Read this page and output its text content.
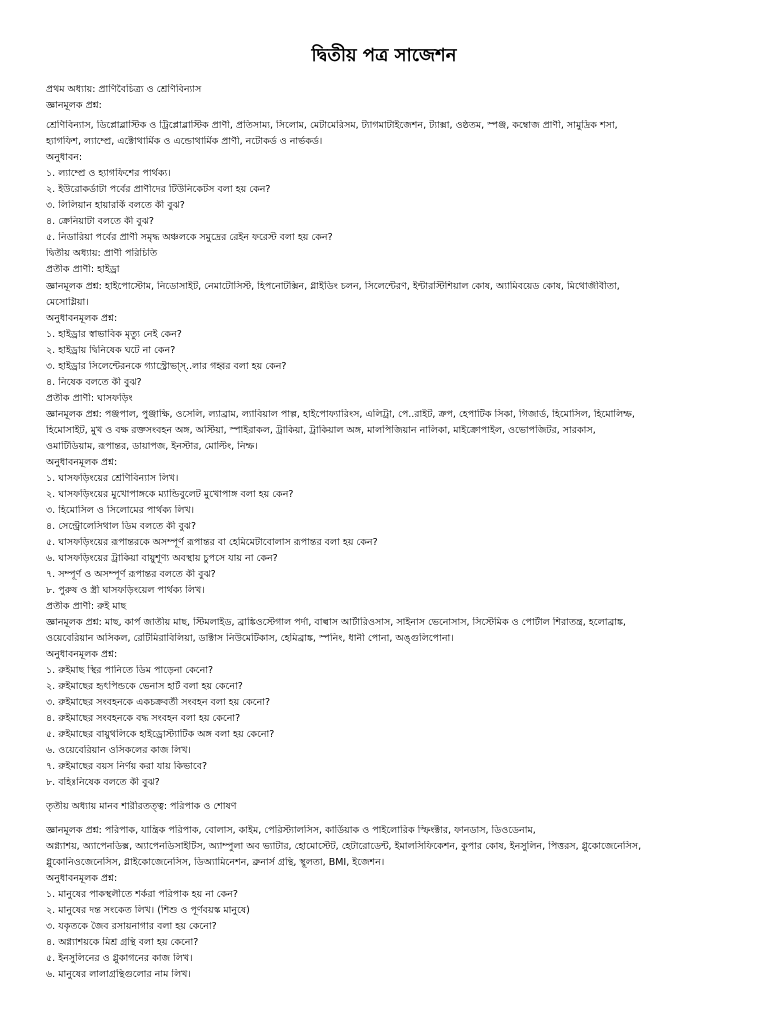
দ্বিতীয় পত্র সাজেশন
প্রথম অধ্যায়: প্রাণিবৈচিত্র্য ও শ্রেণিবিন্যাস
জ্ঞানমূলক প্রশ্ন:
শ্রেণিবিন্যাস, ডিপ্লোব্লাস্টিক ও ট্রিপ্লোব্লাস্টিক প্রাণী, প্রতিসাম্য, সিলোম, মেটামেরিসম, ট্যাগমাটাইজেশন, ট্যাক্সা, ওষ্ঠতম, স্পঞ্জ, কম্বোজ প্রাণী, সামুদ্রিক শসা,
হ্যাগফিশ, ল্যাম্প্রে, এক্টোথার্মিক ও এন্ডোথার্মিক প্রাণী, নটোকর্ড ও নার্ভকর্ড।
অনুধাবন:
১. ল্যাম্প্রে ও হ্যাগফিশের পার্থক্য।
২. ইউরোকর্ডাটা পর্বের প্রাণীদের টিউনিকেটস বলা হয় কেন?
৩. লিলিয়ান হায়ারর্কি বলতে কী বুঝ?
৪. ক্রেনিয়াটা বলতে কী বুঝ?
৫. নিডারিয়া পর্বের প্রাণী সমৃদ্ধ অঞ্চলকে সমুদ্রের রেইন ফরেস্ট বলা হয় কেন?
দ্বিতীয় অধ্যায়: প্রাণী পরিচিতি
প্রতীক প্রাণী: হাইড্রা
জ্ঞানমূলক প্রশ্ন: হাইপোস্টোম, নিডোসাইট, নেমাটোসিস্ট, হিপনোটক্সিন, গ্লাইডিং চলন, সিলেন্টেরণ, ইন্টারস্টিশিয়াল কোষ, অ্যামিবয়েড কোষ, মিথোজীবীতা,
মেসোগ্লিয়া।
অনুধাবনমূলক প্রশ্ন:
১. হাইড্রার স্বাভাবিক মৃত্যু নেই কেন?
২. হাইড্রায় দ্বিনিষেক ঘটে না কেন?
৩. হাইড্রার সিলেন্টেরনকে গ্যাস্ট্রোভা্স্‌..লার গহ্বর বলা হয় কেন?
৪. নিষেক বলতে কী বুঝ?
প্রতীক প্রাণী: ঘাসফড়িং
জ্ঞানমূলক প্রশ্ন: পঞ্জপাল, পুঞ্জাক্ষি, ওসেলি, ল্যাব্রাম, ল্যাবিয়াল পাল্প, হাইপোফ্যারিংস, এলিট্রা, পে..রাইট, ক্রপ, হেপাটিক সিকা, গিজার্ড, হিমোসিল, হিমোলিম্ফ,
হিমোসাইট, মুখ ও বক্ষ রক্তসংবহন অঙ্গ, অস্টিয়া, স্পাইরাকল, ট্রাকিয়া, ট্রাকিয়াল অঙ্গ, মালপিজিয়ান নালিকা, মাইক্রোপাইল, ওভোপজিটর, সারকাস,
ওমাটিডিয়াম, রূপান্তর, ডায়াপজ, ইনস্টার, মোল্টিং, নিম্ফ।
অনুধাবনমূলক প্রশ্ন:
১. ঘাসফড়িংয়ের শ্রেণিবিন্যাস লিখ।
২. ঘাসফড়িংয়ের মুখোপাঙ্গকে ম্যান্ডিবুলেট মুখোপাঙ্গ বলা হয় কেন?
৩. হিমোসিল ও সিলোমের পার্থক্য লিখ।
৪. সেন্ট্রোলেসিথাল ডিম বলতে কী বুঝ?
৫. ঘাসফড়িংয়ের রূপান্তরকে অসম্পূর্ণ রূপান্তর বা হেমিমেটাবোলাস রূপান্তর বলা হয় কেন?
৬. ঘাসফড়িংয়ের ট্রাকিয়া বায়ুশূণ্য অবস্থায় চুপসে যায় না কেন?
৭. সম্পূর্ণ ও অসম্পূর্ণ রূপান্তর বলতে কী বুঝ?
৮. পুরুষ ও স্ত্রী ঘাসফড়িংয়েল পার্থক্য লিখ।
প্রতীক প্রাণী: রুই মাছ
জ্ঞানমূলক প্রশ্ন: মাছ, কার্প জাতীয় মাছ, স্টিমলাইড, ব্রাঙ্কিওস্টেগাল পর্দা, বাল্বাস আর্টারিওসাস, সাইনাস ভেনোসাস, সিস্টেমিক ও পোর্টাল শিরাতন্ত্র, হলোব্রাঙ্ক,
ওয়েবেরিয়ান অসিকল, রেটিমিরাবিলিয়া, ডাক্টাস নিউমেটিকাস, হেমিব্রাঙ্ক, স্পনিং, ধানী পোনা, অঙ্গুলিপোনা।
অনুধাবনমূলক প্রশ্ন:
১. রুইমাছ স্থির পানিতে ডিম পাড়েনা কেনো?
২. রুইমাছের হৃৎপিন্ডকে ভেনাস হার্ট বলা হয় কেনো?
৩. রুইমাছের সংবহনকে একচক্রবর্তী সংবহন বলা হয় কেনো?
৪. রুইমাছের সংবহনকে বদ্ধ সংবহন বলা হয় কেনো?
৫. রুইমাছের বায়ুথলিকে হাইড্রোস্ট্যাটিক অঙ্গ বলা হয় কেনো?
৬. ওয়েবেরিয়ান ওসিকলের কাজ লিখ।
৭. রুইমাছের বয়স নির্ণয় করা যায় কিভাবে?
৮. বহিঃনিষেক বলতে কী বুঝ?
তৃতীয় অধ্যায় মানব শারীরতত্ত্ব: পরিপাক ও শোষণ
জ্ঞানমূলক প্রশ্ন: পরিপাক, যান্ত্রিক পরিপাক, বোলাস, কাইম, পেরিস্ট্যালসিস, কার্ডিয়াক ও পাইলোরিক স্ফিংক্টার, ফানডাস, ডিওডেনাম,
অগ্ন্যাশয়, অ্যাপেনডিক্স, অ্যাপেনডিসাইটিস, অ্যাম্পুলা অব ভ্যাটার, হোমোস্টেট, হেটারোডেন্ট, ইমালসিফিকেশন, কুপার কোষ, ইনসুলিন, পিত্তরস, গ্লুকোজেনেসিস,
গ্লুকোনিওজেনেসিস, গ্লাইকোজেনেসিস, ডিঅ্যামিনেশন, ব্রুনার্স গ্রন্থি, স্থূলতা, BMI, ইজেশন।
অনুধাবনমূলক প্রশ্ন:
১. মানুষের পাকস্থলীতে শর্করা পরিপাক হয় না কেন?
২. মানুষের দন্ত সংকেত লিখ। (শিশু ও পূর্ণবয়স্ক মানুষে)
৩. যকৃতকে জৈব রসায়নাগার বলা হয় কেনো?
৪. অগ্ন্যাশয়কে মিশ্র গ্রন্থি বলা হয় কেনো?
৫. ইনসুলিনের ও গ্লুকাগনের কাজ লিখ।
৬. মানুষের লালাগ্রন্থিগুলোর নাম লিখ।
